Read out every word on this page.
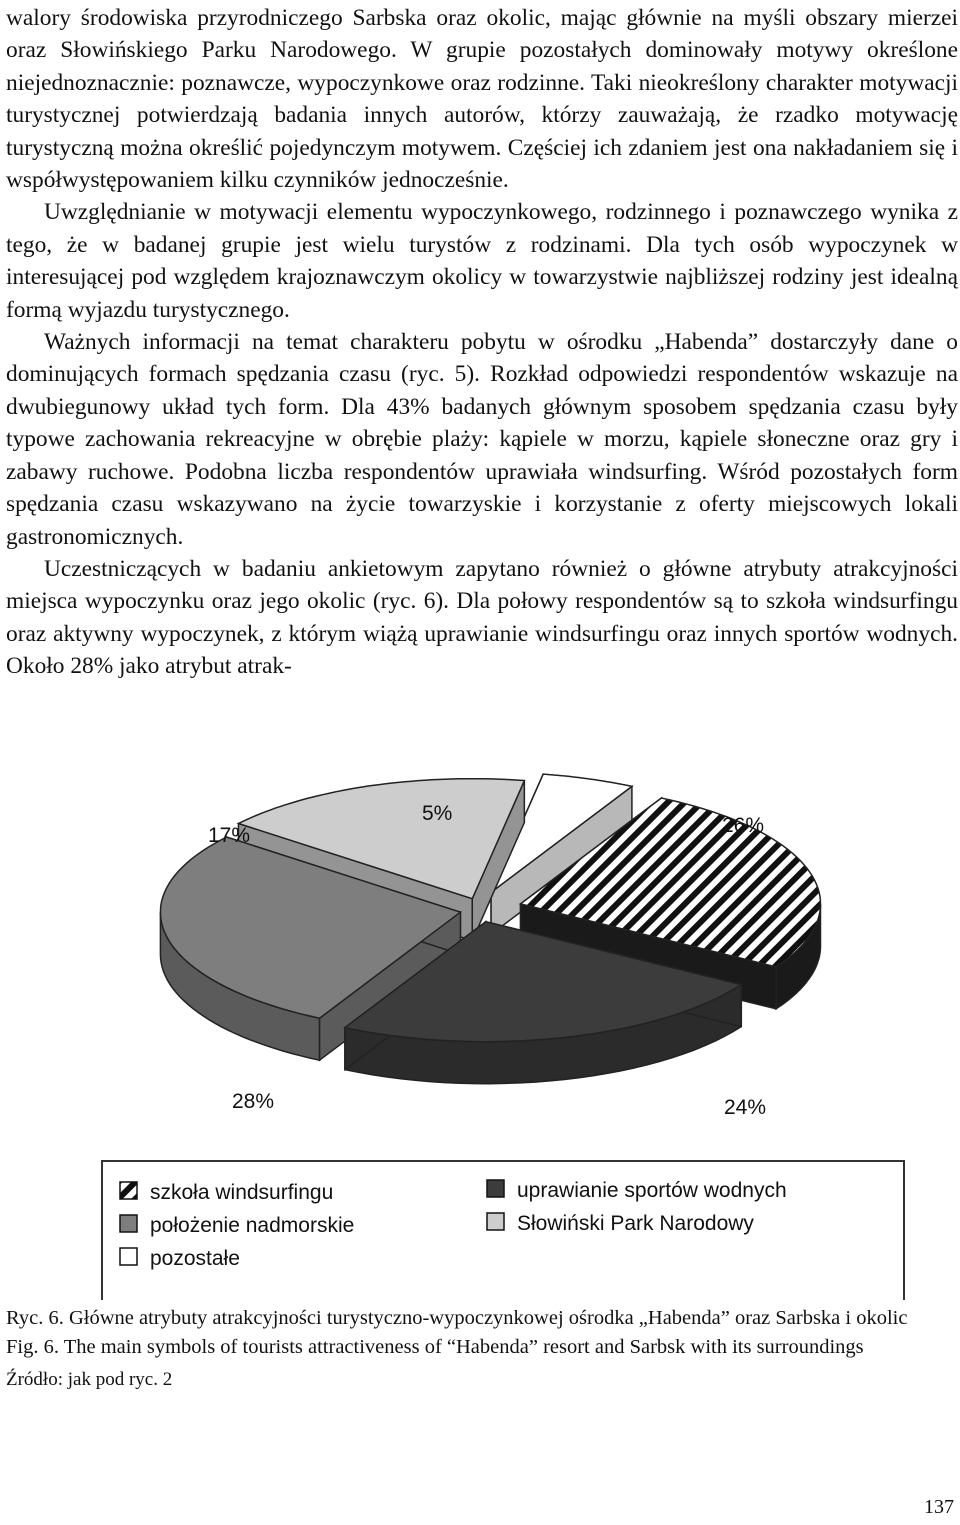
walory środowiska przyrodniczego Sarbska oraz okolic, mając głównie na myśli obszary mierzei oraz Słowińskiego Parku Narodowego. W grupie pozostałych dominowały motywy określone niejednoznacznie: poznawcze, wypoczynkowe oraz rodzinne. Taki nieokreślony charakter motywacji turystycznej potwierdzają badania innych autorów, którzy zauważają, że rzadko motywację turystyczną można określić pojedynczym motywem. Częściej ich zdaniem jest ona nakładaniem się i współwystępowaniem kilku czynników jednocześnie.

Uwzględnianie w motywacji elementu wypoczynkowego, rodzinnego i poznawczego wynika z tego, że w badanej grupie jest wielu turystów z rodzinami. Dla tych osób wypoczynek w interesującej pod względem krajoznawczym okolicy w towarzystwie najbliższej rodziny jest idealną formą wyjazdu turystycznego.

Ważnych informacji na temat charakteru pobytu w ośrodku „Habenda” dostarczyły dane o dominujących formach spędzania czasu (ryc. 5). Rozkład odpowiedzi respondentów wskazuje na dwubiegunowy układ tych form. Dla 43% badanych głównym sposobem spędzania czasu były typowe zachowania rekreacyjne w obrębie plaży: kąpiele w morzu, kąpiele słoneczne oraz gry i zabawy ruchowe. Podobna liczba respondentów uprawiała windsurfing. Wśród pozostałych form spędzania czasu wskazywano na życie towarzyskie i korzystanie z oferty miejscowych lokali gastronomicznych.

Uczestniczących w badaniu ankietowym zapytano również o główne atrybuty atrakcyjności miejsca wypoczynku oraz jego okolic (ryc. 6). Dla połowy respondentów są to szkoła windsurfingu oraz aktywny wypoczynek, z którym wiążą uprawianie windsurfingu oraz innych sportów wodnych. Około 28% jako atrybut atrak-

26%
24%
28%
17%
5%
szkoła windsurfingu
położenie nadmorskie
pozostałe
uprawianie sportów wodnych
Słowiński Park Narodowy

Ryc. 6. Główne atrybuty atrakcyjności turystyczno-wypoczynkowej ośrodka „Habenda” oraz Sarbska i okolic

Fig. 6. The main symbols of tourists attractiveness of “Habenda” resort and Sarbsk with its surroundings

Źródło: jak pod ryc. 2

137
